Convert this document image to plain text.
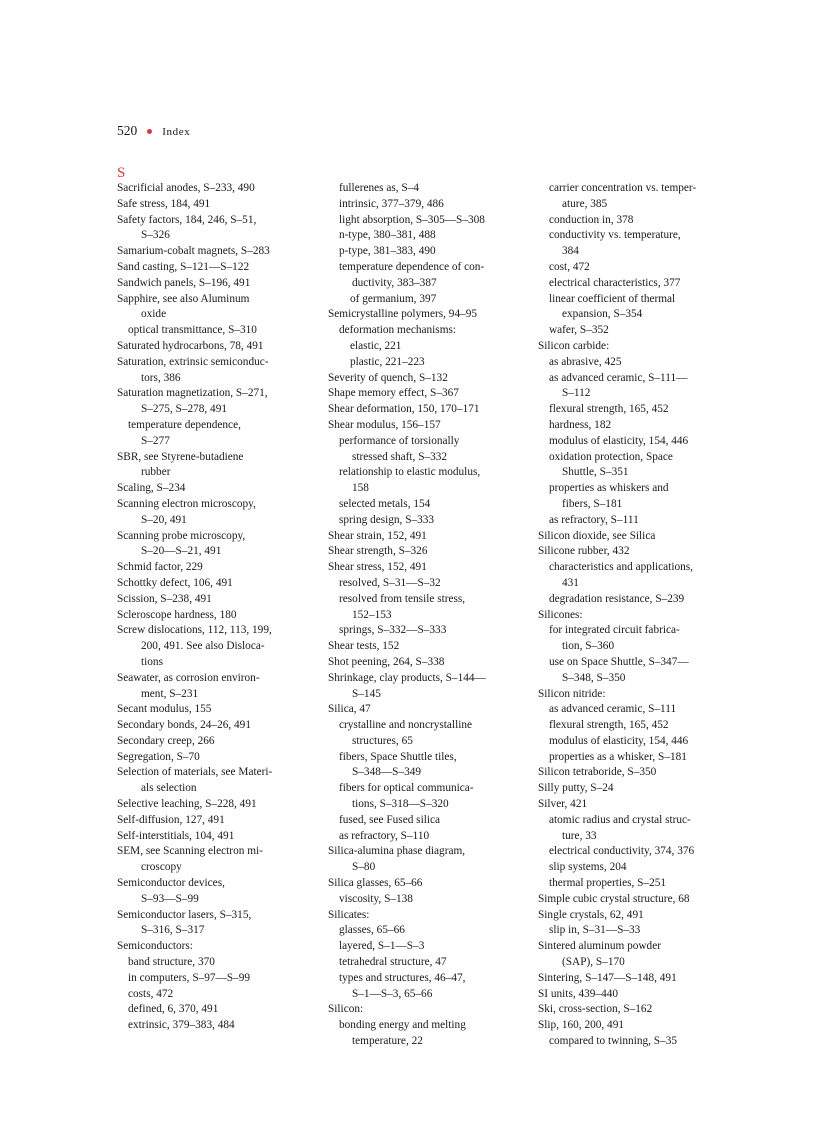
520 Index
S
Sacrificial anodes, S–233, 490
Safe stress, 184, 491
Safety factors, 184, 246, S–51,
S–326
Samarium-cobalt magnets, S–283
Sand casting, S–121—S–122
Sandwich panels, S–196, 491
Sapphire, see also Aluminum
oxide
optical transmittance, S–310
Saturated hydrocarbons, 78, 491
Saturation, extrinsic semiconduc-
tors, 386
Saturation magnetization, S–271,
S–275, S–278, 491
temperature dependence,
S–277
SBR, see Styrene-butadiene
rubber
Scaling, S–234
Scanning electron microscopy,
S–20, 491
Scanning probe microscopy,
S–20—S–21, 491
Schmid factor, 229
Schottky defect, 106, 491
Scission, S–238, 491
Scleroscope hardness, 180
Screw dislocations, 112, 113, 199,
200, 491. See also Disloca-
tions
Seawater, as corrosion environ-
ment, S–231
Secant modulus, 155
Secondary bonds, 24–26, 491
Secondary creep, 266
Segregation, S–70
Selection of materials, see Materi-
als selection
Selective leaching, S–228, 491
Self-diffusion, 127, 491
Self-interstitials, 104, 491
SEM, see Scanning electron mi-
croscopy
Semiconductor devices,
S–93—S–99
Semiconductor lasers, S–315,
S–316, S–317
Semiconductors:
band structure, 370
in computers, S–97—S–99
costs, 472
defined, 6, 370, 491
extrinsic, 379–383, 484
fullerenes as, S–4
intrinsic, 377–379, 486
light absorption, S–305—S–308
n-type, 380–381, 488
p-type, 381–383, 490
temperature dependence of con-
ductivity, 383–387
of germanium, 397
Semicrystalline polymers, 94–95
deformation mechanisms:
elastic, 221
plastic, 221–223
Severity of quench, S–132
Shape memory effect, S–367
Shear deformation, 150, 170–171
Shear modulus, 156–157
performance of torsionally
stressed shaft, S–332
relationship to elastic modulus,
158
selected metals, 154
spring design, S–333
Shear strain, 152, 491
Shear strength, S–326
Shear stress, 152, 491
resolved, S–31—S–32
resolved from tensile stress,
152–153
springs, S–332—S–333
Shear tests, 152
Shot peening, 264, S–338
Shrinkage, clay products, S–144—
S–145
Silica, 47
crystalline and noncrystalline
structures, 65
fibers, Space Shuttle tiles,
S–348—S–349
fibers for optical communica-
tions, S–318—S–320
fused, see Fused silica
as refractory, S–110
Silica-alumina phase diagram,
S–80
Silica glasses, 65–66
viscosity, S–138
Silicates:
glasses, 65–66
layered, S–1—S–3
tetrahedral structure, 47
types and structures, 46–47,
S–1—S–3, 65–66
Silicon:
bonding energy and melting
temperature, 22
carrier concentration vs. temper-
ature, 385
conduction in, 378
conductivity vs. temperature,
384
cost, 472
electrical characteristics, 377
linear coefficient of thermal
expansion, S–354
wafer, S–352
Silicon carbide:
as abrasive, 425
as advanced ceramic, S–111—
S–112
flexural strength, 165, 452
hardness, 182
modulus of elasticity, 154, 446
oxidation protection, Space
Shuttle, S–351
properties as whiskers and
fibers, S–181
as refractory, S–111
Silicon dioxide, see Silica
Silicone rubber, 432
characteristics and applications,
431
degradation resistance, S–239
Silicones:
for integrated circuit fabrica-
tion, S–360
use on Space Shuttle, S–347—
S–348, S–350
Silicon nitride:
as advanced ceramic, S–111
flexural strength, 165, 452
modulus of elasticity, 154, 446
properties as a whisker, S–181
Silicon tetraboride, S–350
Silly putty, S–24
Silver, 421
atomic radius and crystal struc-
ture, 33
electrical conductivity, 374, 376
slip systems, 204
thermal properties, S–251
Simple cubic crystal structure, 68
Single crystals, 62, 491
slip in, S–31—S–33
Sintered aluminum powder
(SAP), S–170
Sintering, S–147—S–148, 491
SI units, 439–440
Ski, cross-section, S–162
Slip, 160, 200, 491
compared to twinning, S–35
